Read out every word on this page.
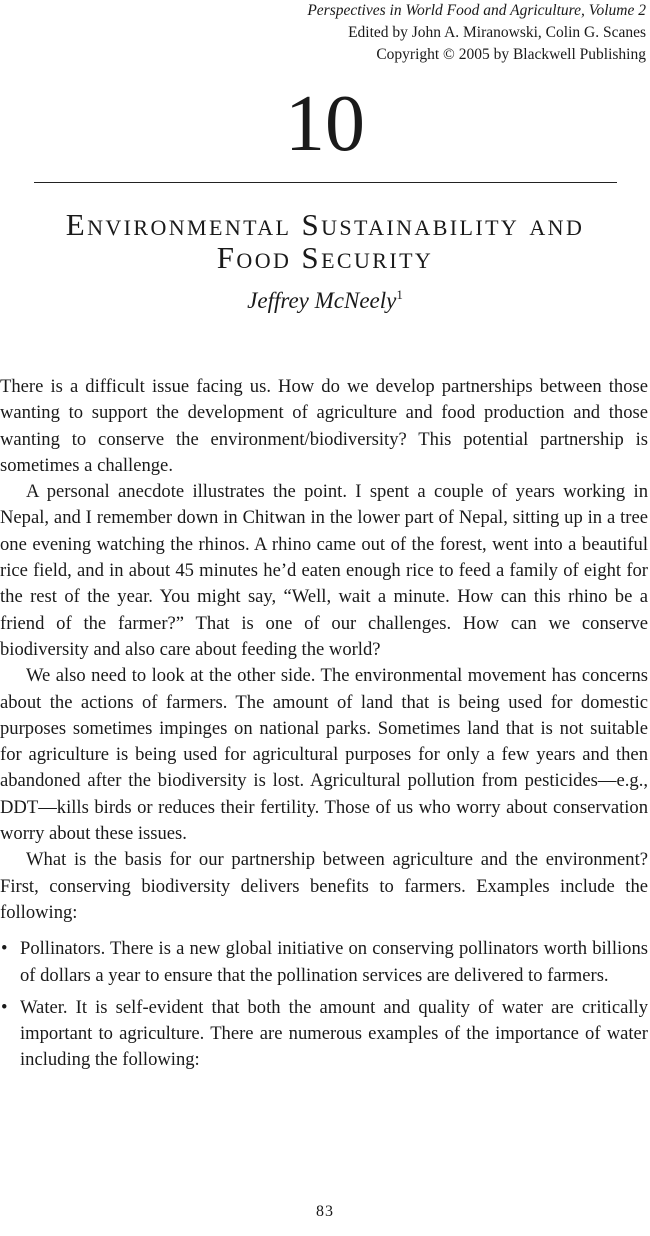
Perspectives in World Food and Agriculture, Volume 2
Edited by John A. Miranowski, Colin G. Scanes
Copyright © 2005 by Blackwell Publishing
10
Environmental Sustainability and
Food Security
Jeffrey McNeely$^1$

There is a difficult issue facing us. How do we develop partnerships between those wanting to support the development of agriculture and food production and those wanting to conserve the environment/biodiversity? This potential partnership is sometimes a challenge.

A personal anecdote illustrates the point. I spent a couple of years working in Nepal, and I remember down in Chitwan in the lower part of Nepal, sitting up in a tree one evening watching the rhinos. A rhino came out of the forest, went into a beautiful rice field, and in about 45 minutes he’d eaten enough rice to feed a family of eight for the rest of the year. You might say, “Well, wait a minute. How can this rhino be a friend of the farmer?” That is one of our challenges. How can we conserve biodiversity and also care about feeding the world?

We also need to look at the other side. The environmental movement has concerns about the actions of farmers. The amount of land that is being used for domestic purposes sometimes impinges on national parks. Sometimes land that is not suitable for agriculture is being used for agricultural purposes for only a few years and then abandoned after the biodiversity is lost. Agricultural pollution from pesticides—e.g., DDT—kills birds or reduces their fertility. Those of us who worry about conservation worry about these issues.

What is the basis for our partnership between agriculture and the environment? First, conserving biodiversity delivers benefits to farmers. Examples include the following:

• Pollinators. There is a new global initiative on conserving pollinators worth billions of dollars a year to ensure that the pollination services are delivered to farmers.
• Water. It is self-evident that both the amount and quality of water are critically important to agriculture. There are numerous examples of the importance of water including the following:
83
